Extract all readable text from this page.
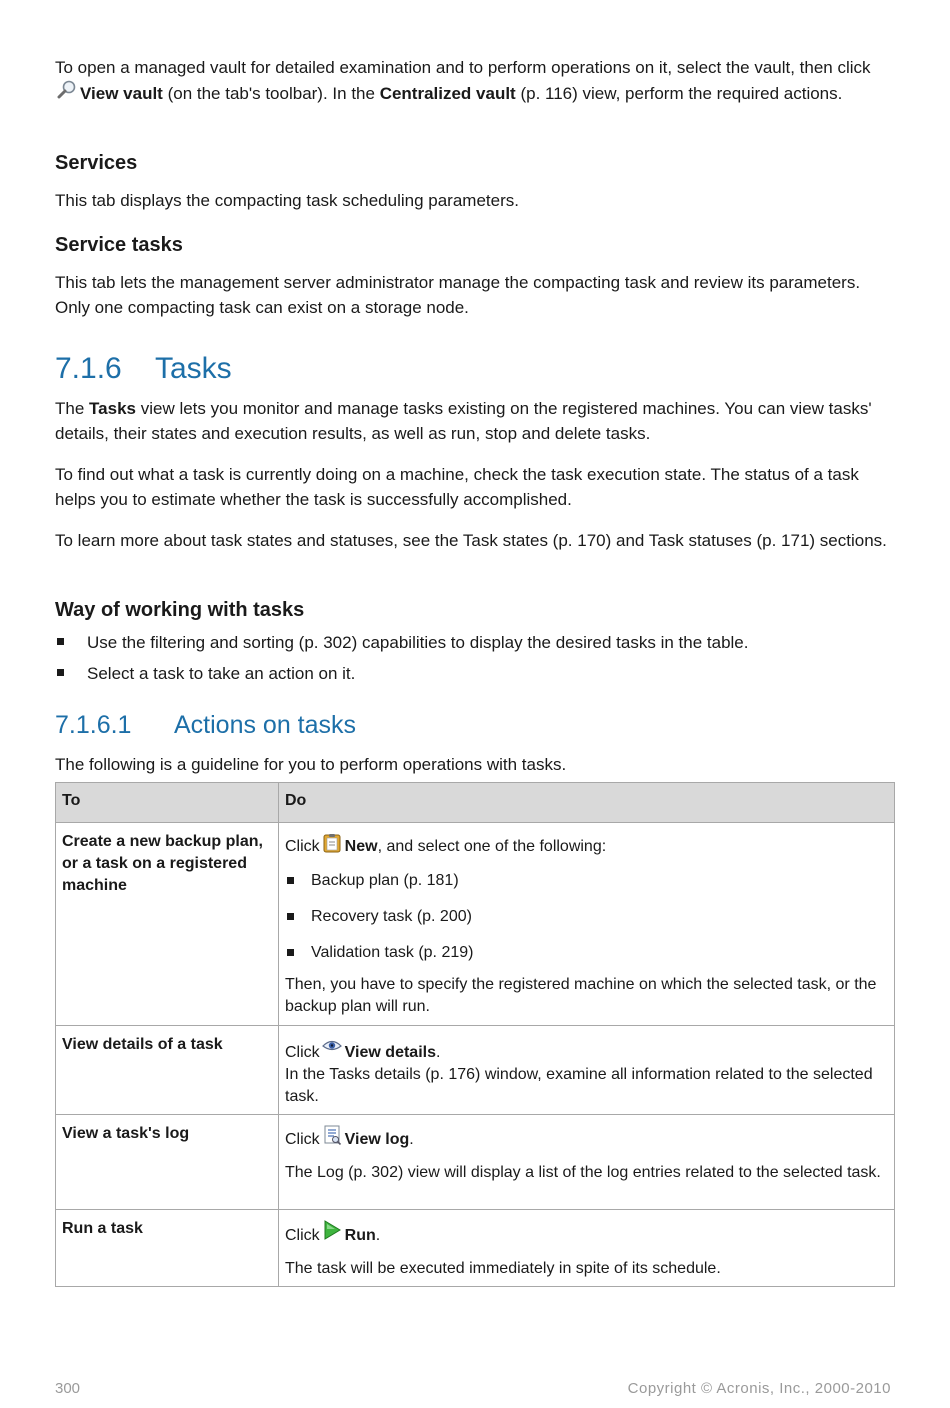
To open a managed vault for detailed examination and to perform operations on it, select the vault, then click View vault (on the tab's toolbar). In the Centralized vault (p. 116) view, perform the required actions.

Services

This tab displays the compacting task scheduling parameters.

Service tasks

This tab lets the management server administrator manage the compacting task and review its parameters. Only one compacting task can exist on a storage node.

7.1.6 Tasks

The Tasks view lets you monitor and manage tasks existing on the registered machines. You can view tasks' details, their states and execution results, as well as run, stop and delete tasks.

To find out what a task is currently doing on a machine, check the task execution state. The status of a task helps you to estimate whether the task is successfully accomplished.

To learn more about task states and statuses, see the Task states (p. 170) and Task statuses (p. 171) sections.

Way of working with tasks
Use the filtering and sorting (p. 302) capabilities to display the desired tasks in the table.
Select a task to take an action on it.
7.1.6.1 Actions on tasks

The following is a guideline for you to perform operations with tasks.

To	Do
Create a new backup plan, or a task on a registered machine	Click New, and select one of the following:
Backup plan (p. 181)
Recovery task (p. 200)
Validation task (p. 219)
Then, you have to specify the registered machine on which the selected task, or the backup plan will run.

View details of a task	Click View details.
In the Tasks details (p. 176) window, examine all information related to the selected task.

View a task's log	Click View log.
The Log (p. 302) view will display a list of the log entries related to the selected task.

Run a task	Click Run.
The task will be executed immediately in spite of its schedule.
300	Copyright © Acronis, Inc., 2000-2010
